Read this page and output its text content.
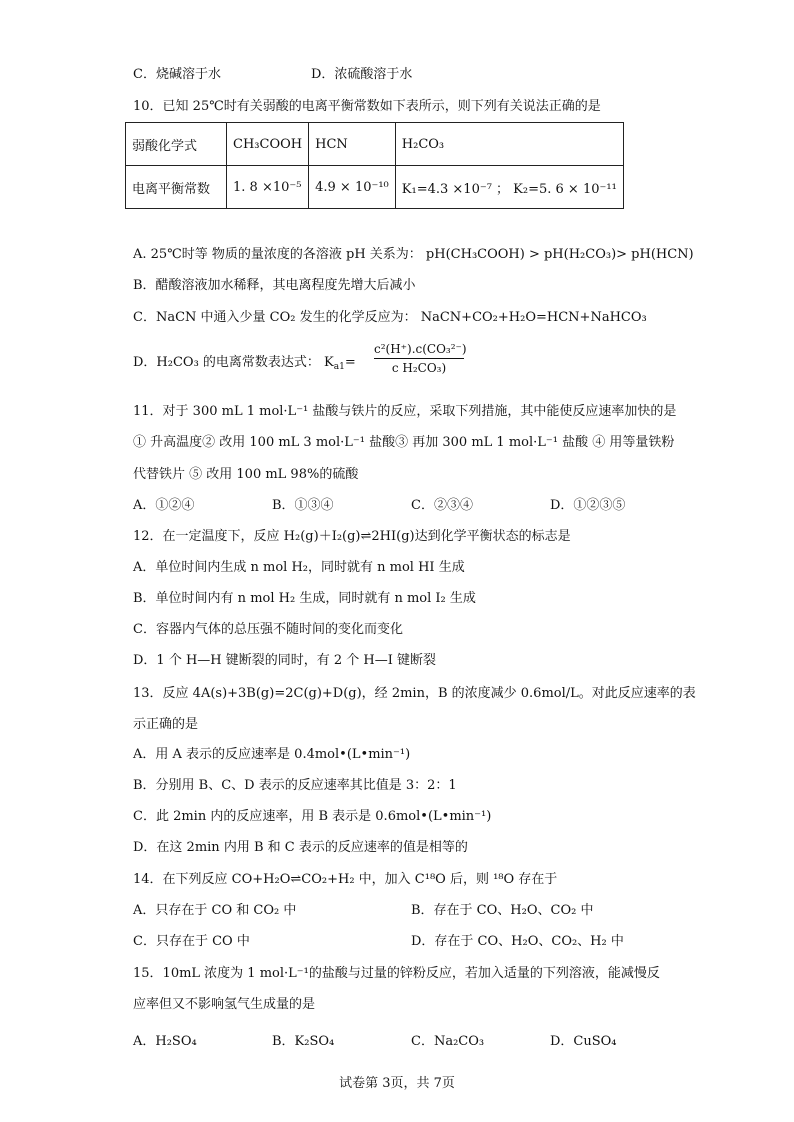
C．烧碱溶于水	D．浓硫酸溶于水
10．已知 25℃时有关弱酸的电离平衡常数如下表所示，则下列有关说法正确的是
弱酸化学式	CH₃COOH	HCN	H₂CO₃
电离平衡常数	1. 8 ×10⁻⁵	4.9 × 10⁻¹⁰	K₁=4.3 ×10⁻⁷ ； K₂=5. 6 × 10⁻¹¹
A. 25℃时等 物质的量浓度的各溶液 pH 关系为： pH(CH₃COOH) > pH(H₂CO₃)> pH(HCN)
B．醋酸溶液加水稀释，其电离程度先增大后减小
C．NaCN 中通入少量 CO₂ 发生的化学反应为： NaCN+CO₂+H₂O=HCN+NaHCO₃
D．H₂CO₃ 的电离常数表达式： $K_{a1}= \frac{\text{c²(H⁺).c(CO₃²⁻)}}{\text{c H₂CO₃)}}$
11．对于 300 mL 1 mol·L⁻¹ 盐酸与铁片的反应，采取下列措施，其中能使反应速率加快的是
① 升高温度② 改用 100 mL 3 mol·L⁻¹ 盐酸③ 再加 300 mL 1 mol·L⁻¹ 盐酸 ④ 用等量铁粉
代替铁片 ⑤ 改用 100 mL 98%的硫酸
A．①②④	B．①③④	C．②③④	D．①②③⑤
12．在一定温度下，反应 H₂(g)＋I₂(g)⇌2HI(g)达到化学平衡状态的标志是
A．单位时间内生成 n mol H₂，同时就有 n mol HI 生成
B．单位时间内有 n mol H₂ 生成，同时就有 n mol I₂ 生成
C．容器内气体的总压强不随时间的变化而变化
D．1 个 H—H 键断裂的同时，有 2 个 H—I 键断裂
13．反应 4A(s)+3B(g)=2C(g)+D(g)，经 2min，B 的浓度减少 0.6mol/L。对此反应速率的表
示正确的是
A．用 A 表示的反应速率是 0.4mol•(L•min⁻¹)
B．分别用 B、C、D 表示的反应速率其比值是 3：2：1
C．此 2min 内的反应速率，用 B 表示是 0.6mol•(L•min⁻¹)
D．在这 2min 内用 B 和 C 表示的反应速率的值是相等的
14．在下列反应 CO+H₂O⇌CO₂+H₂ 中，加入 C¹⁸O 后，则 ¹⁸O 存在于
A．只存在于 CO 和 CO₂ 中	B．存在于 CO、H₂O、CO₂ 中
C．只存在于 CO 中	D．存在于 CO、H₂O、CO₂、H₂ 中
15．10mL 浓度为 1 mol·L⁻¹的盐酸与过量的锌粉反应，若加入适量的下列溶液，能减慢反
应率但又不影响氢气生成量的是
A．H₂SO₄	B．K₂SO₄	C．Na₂CO₃	D．CuSO₄
试卷第 3页，共 7页
